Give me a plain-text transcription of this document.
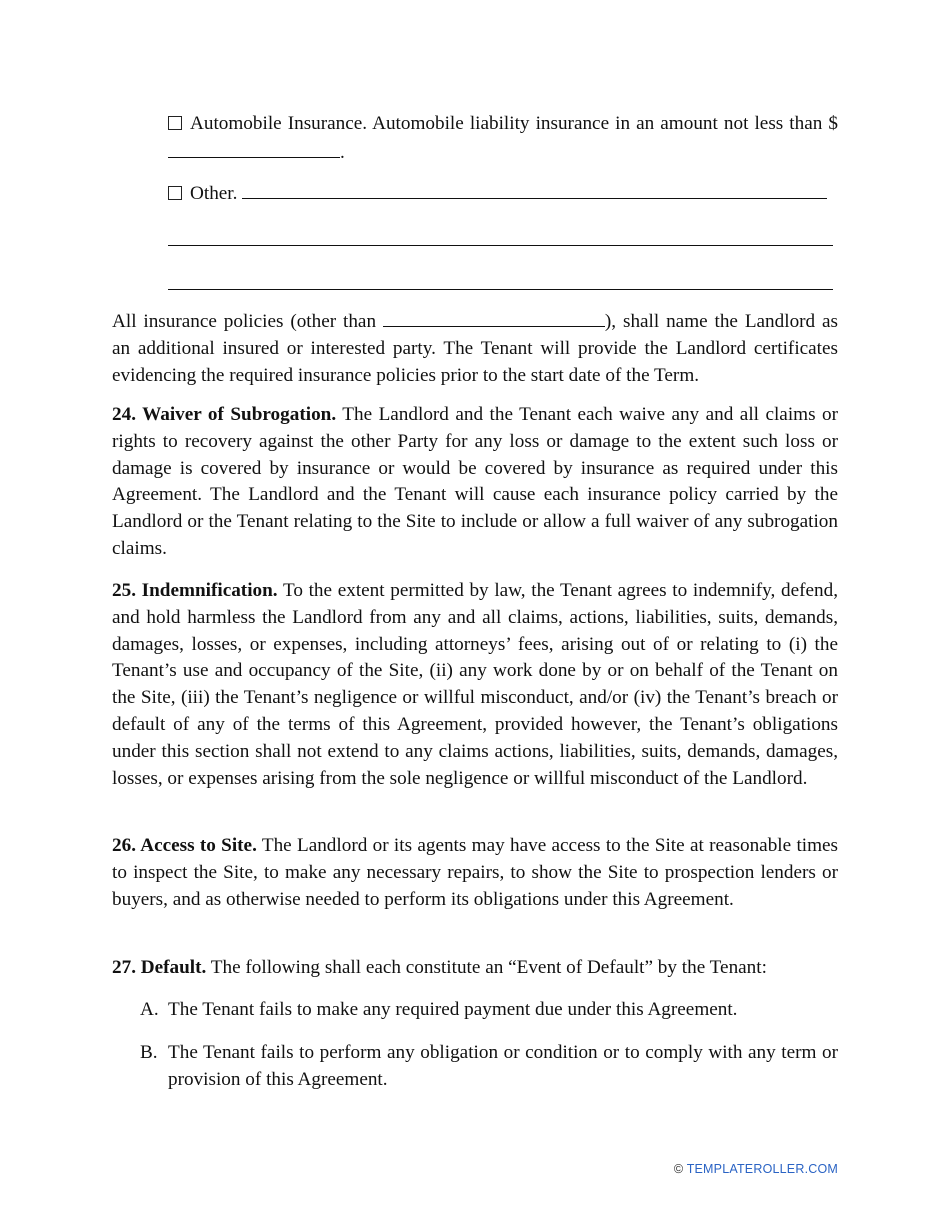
Automobile Insurance. Automobile liability insurance in an amount not less than $.

Other.

All insurance policies (other than	), shall name the Landlord as an additional insured or interested party. The Tenant will provide the Landlord certificates evidencing the required insurance policies prior to the start date of the Term.

24. Waiver of Subrogation. The Landlord and the Tenant each waive any and all claims or rights to recovery against the other Party for any loss or damage to the extent such loss or damage is covered by insurance or would be covered by insurance as required under this Agreement. The Landlord and the Tenant will cause each insurance policy carried by the Landlord or the Tenant relating to the Site to include or allow a full waiver of any subrogation claims.

25. Indemnification. To the extent permitted by law, the Tenant agrees to indemnify, defend, and hold harmless the Landlord from any and all claims, actions, liabilities, suits, demands, damages, losses, or expenses, including attorneys’ fees, arising out of or relating to (i) the Tenant’s use and occupancy of the Site, (ii) any work done by or on behalf of the Tenant on the Site, (iii) the Tenant’s negligence or willful misconduct, and/or (iv) the Tenant’s breach or default of any of the terms of this Agreement, provided however, the Tenant’s obligations under this section shall not extend to any claims actions, liabilities, suits, demands, damages, losses, or expenses arising from the sole negligence or willful misconduct of the Landlord.

26. Access to Site. The Landlord or its agents may have access to the Site at reasonable times to inspect the Site, to make any necessary repairs, to show the Site to prospection lenders or buyers, and as otherwise needed to perform its obligations under this Agreement.

27. Default. The following shall each constitute an “Event of Default” by the Tenant:

A. The Tenant fails to make any required payment due under this Agreement.
B. The Tenant fails to perform any obligation or condition or to comply with any term or provision of this Agreement.
© TEMPLATEROLLER.COM
